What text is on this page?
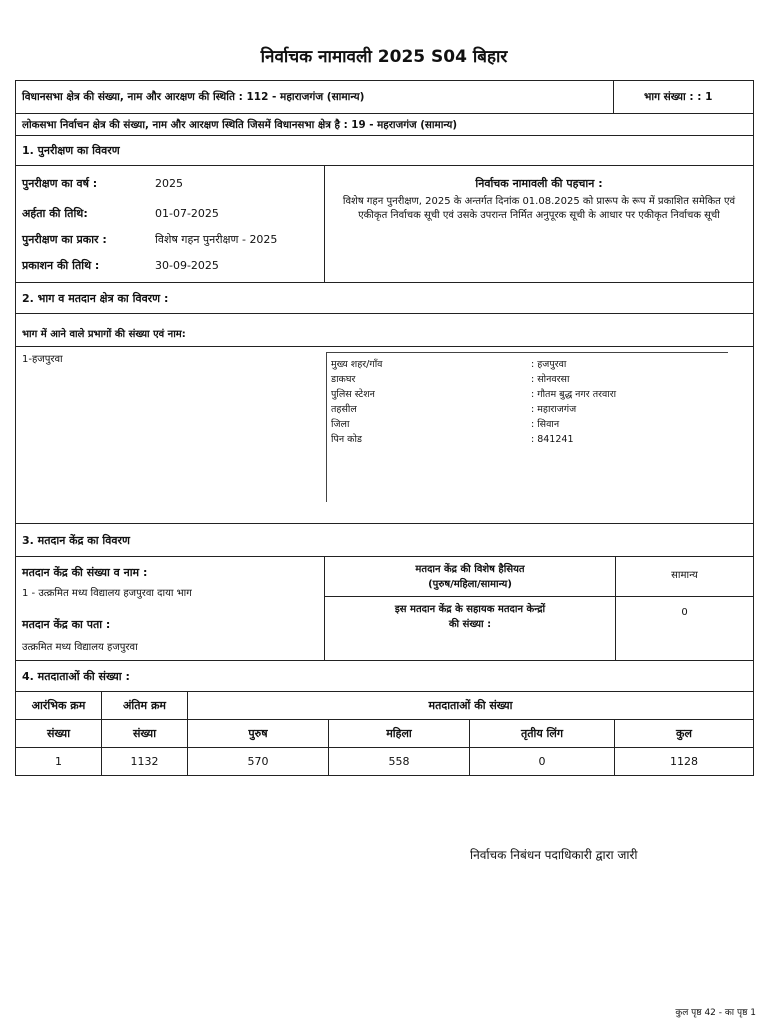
निर्वाचक नामावली 2025 S04 बिहार
विधानसभा क्षेत्र की संख्या, नाम और आरक्षण की स्थिति : 112 - महाराजगंज (सामान्य)	भाग संख्या : : 1
लोकसभा निर्वाचन क्षेत्र की संख्या, नाम और आरक्षण स्थिति जिसमें विधानसभा क्षेत्र है : 19 - महराजगंज (सामान्य)
1. पुनरीक्षण का विवरण
पुनरीक्षण का वर्ष :	2025
अर्हता की तिथि:	01-07-2025
पुनरीक्षण का प्रकार :	विशेष गहन पुनरीक्षण - 2025
प्रकाशन की तिथि :	30-09-2025
निर्वाचक नामावली की पहचान :
विशेष गहन पुनरीक्षण, 2025 के अन्तर्गत दिनांक 01.08.2025 को प्रारूप के रूप में प्रकाशित समेकित एवं एकीकृत निर्वाचक सूची एवं उसके उपरान्त निर्मित अनुपूरक सूची के आधार पर एकीकृत निर्वाचक सूची
2. भाग व मतदान क्षेत्र का विवरण :
भाग में आने वाले प्रभागों की संख्या एवं नाम:
1-हजपुरवा	मुख्य शहर/गाँव	: हजपुरवा
डाकघर	: सोनवरसा
पुलिस स्टेशन	: गौतम बुद्ध नगर तरवारा
तहसील	: महाराजगंज
जिला	: सिवान
पिन कोड	: 841241
3. मतदान केंद्र का विवरण
मतदान केंद्र की संख्या व नाम :
1 - उत्क्रमित मध्य विद्यालय हजपुरवा दाया भाग
मतदान केंद्र का पता :
उत्क्रमित मध्य विद्यालय हजपुरवा
मतदान केंद्र की विशेष हैसियत
(पुरुष/महिला/सामान्य)
सामान्य
इस मतदान केंद्र के सहायक मतदान केन्द्रों
की संख्या :
0
4. मतदाताओं की संख्या :
आरंभिक क्रम	अंतिम क्रम	मतदाताओं की संख्या			
संख्या	संख्या	पुरुष	महिला	तृतीय लिंग	कुल
1	1132	570	558	0	1128
निर्वाचक निबंधन पदाधिकारी द्वारा जारी
कुल पृष्ठ 42 - का पृष्ठ 1
